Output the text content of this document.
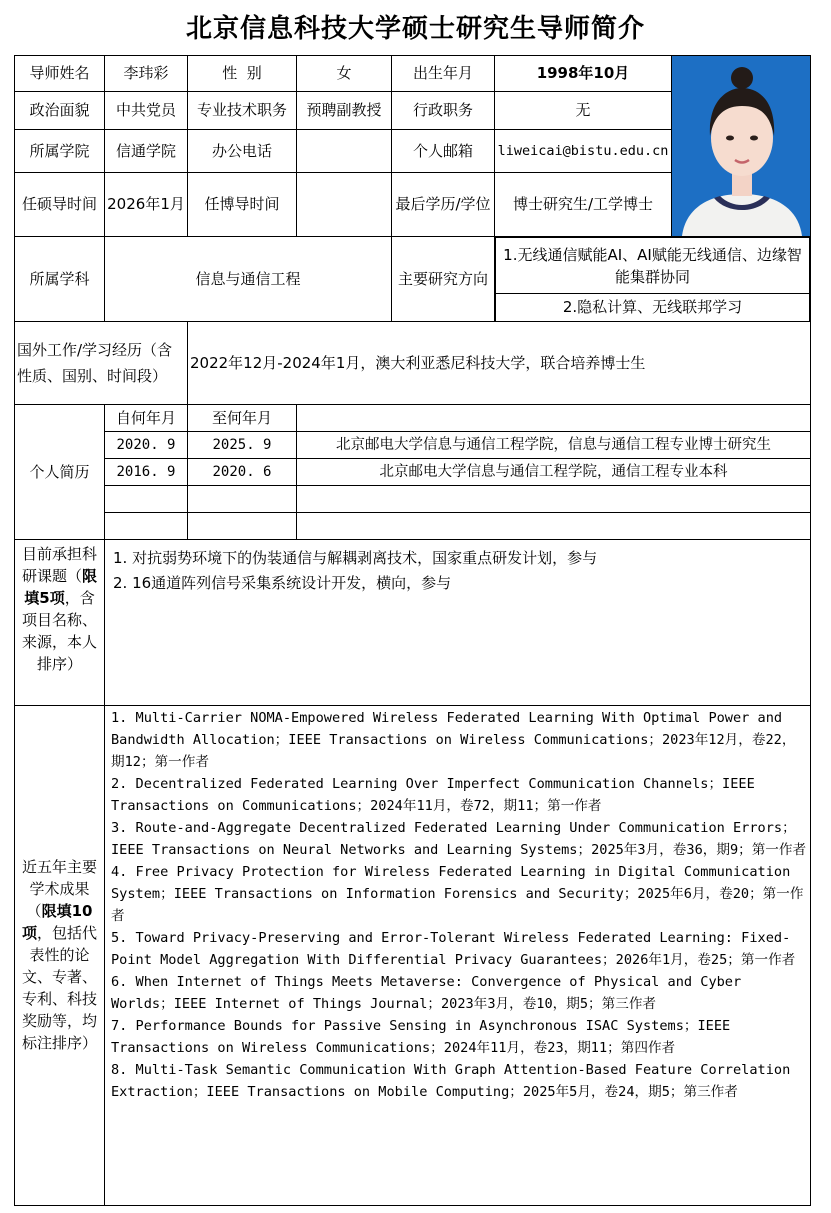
北京信息科技大学硕士研究生导师简介
导师姓名	李玮彩	性  别	女	出生年月	1998年10月	

政治面貌	中共党员	专业技术职务	预聘副教授	行政职务	无
所属学院	信通学院	办公电话		个人邮箱	liweicai@bistu.edu.cn
任硕导时间	2026年1月	任博导时间		最后学历/学位	博士研究生/工学博士
所属学科	信息与通信工程	主要研究方向	
1.无线通信赋能AI、AI赋能无线通信、边缘智能集群协同
2.隐私计算、无线联邦学习

国外工作/学习经历（含性质、国别、时间段）	2022年12月-2024年1月，澳大利亚悉尼科技大学，联合培养博士生
个人简历	自何年月	至何年月	
2020. 9	2025. 9	北京邮电大学信息与通信工程学院，信息与通信工程专业博士研究生
2016. 9	2020. 6	北京邮电大学信息与通信工程学院，通信工程专业本科

目前承担科研课题（限填5项，含项目名称、来源，本人排序）	
1. 对抗弱势环境下的伪装通信与解耦剥离技术，国家重点研发计划，参与
2. 16通道阵列信号采集系统设计开发，横向，参与

近五年主要学术成果（限填10项，包括代表性的论文、专著、专利、科技奖励等，均标注排序）	
1. Multi-Carrier NOMA-Empowered Wireless Federated Learning With Optimal Power and Bandwidth Allocation；IEEE Transactions on Wireless Communications；2023年12月，卷22，期12；第一作者
2. Decentralized Federated Learning Over Imperfect Communication Channels；IEEE Transactions on Communications；2024年11月，卷72，期11；第一作者
3. Route-and-Aggregate Decentralized Federated Learning Under Communication Errors；IEEE Transactions on Neural Networks and Learning Systems；2025年3月，卷36，期9；第一作者
4. Free Privacy Protection for Wireless Federated Learning in Digital Communication System；IEEE Transactions on Information Forensics and Security；2025年6月，卷20；第一作者
5. Toward Privacy-Preserving and Error-Tolerant Wireless Federated Learning: Fixed-Point Model Aggregation With Differential Privacy Guarantees；2026年1月，卷25；第一作者
6. When Internet of Things Meets Metaverse: Convergence of Physical and Cyber Worlds；IEEE Internet of Things Journal；2023年3月，卷10，期5；第三作者
7. Performance Bounds for Passive Sensing in Asynchronous ISAC Systems；IEEE Transactions on Wireless Communications；2024年11月，卷23，期11；第四作者
8. Multi-Task Semantic Communication With Graph Attention-Based Feature Correlation Extraction；IEEE Transactions on Mobile Computing；2025年5月，卷24，期5；第三作者
